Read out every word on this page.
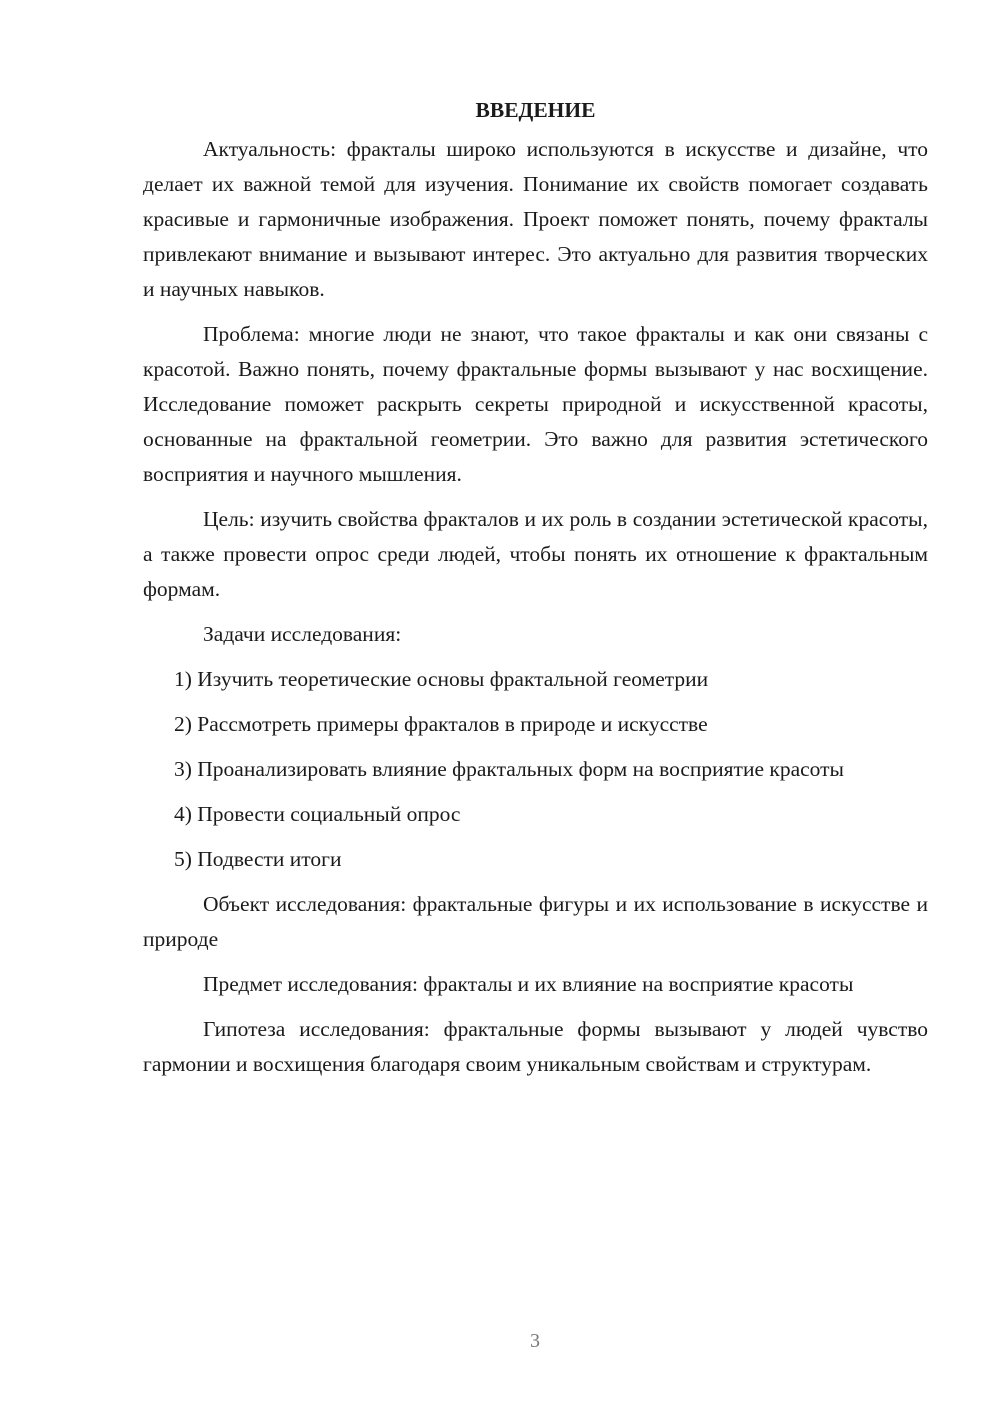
ВВЕДЕНИЕ

Актуальность: фракталы широко используются в искусстве и дизайне, что делает их важной темой для изучения. Понимание их свойств помогает создавать красивые и гармоничные изображения. Проект поможет понять, почему фракталы привлекают внимание и вызывают интерес. Это актуально для развития творческих и научных навыков.

Проблема: многие люди не знают, что такое фракталы и как они связаны с красотой. Важно понять, почему фрактальные формы вызывают у нас восхищение. Исследование поможет раскрыть секреты природной и искусственной красоты, основанные на фрактальной геометрии. Это важно для развития эстетического восприятия и научного мышления.

Цель: изучить свойства фракталов и их роль в создании эстетической красоты, а также провести опрос среди людей, чтобы понять их отношение к фрактальным формам.

Задачи исследования:

1) Изучить теоретические основы фрактальной геометрии

2) Рассмотреть примеры фракталов в природе и искусстве

3) Проанализировать влияние фрактальных форм на восприятие красоты

4) Провести социальный опрос

5) Подвести итоги

Объект исследования: фрактальные фигуры и их использование в искусстве и природе

Предмет исследования: фракталы и их влияние на восприятие красоты

Гипотеза исследования: фрактальные формы вызывают у людей чувство гармонии и восхищения благодаря своим уникальным свойствам и структурам.

3
